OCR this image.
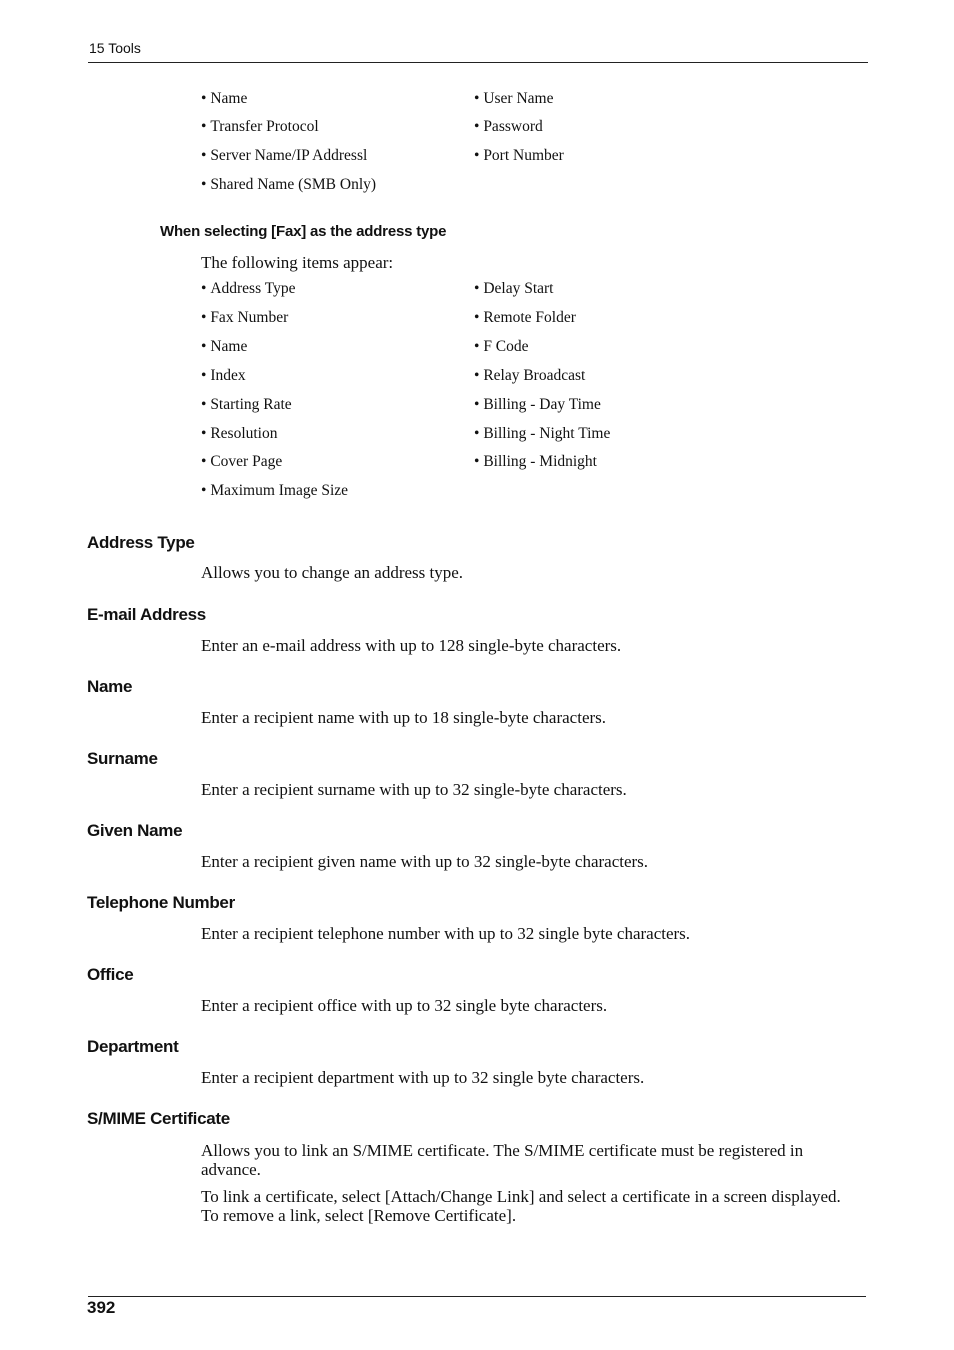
15 Tools
• Name
• Transfer Protocol
• Server Name/IP Addressl
• Shared Name (SMB Only)
• User Name
• Password
• Port Number
When selecting [Fax] as the address type
The following items appear:
• Address Type
• Fax Number
• Name
• Index
• Starting Rate
• Resolution
• Cover Page
• Maximum Image Size
• Delay Start
• Remote Folder
• F Code
• Relay Broadcast
• Billing - Day Time
• Billing - Night Time
• Billing - Midnight
Address Type
Allows you to change an address type.
E-mail Address
Enter an e-mail address with up to 128 single-byte characters.
Name
Enter a recipient name with up to 18 single-byte characters.
Surname
Enter a recipient surname with up to 32 single-byte characters.
Given Name
Enter a recipient given name with up to 32 single-byte characters.
Telephone Number
Enter a recipient telephone number with up to 32 single byte characters.
Office
Enter a recipient office with up to 32 single byte characters.
Department
Enter a recipient department with up to 32 single byte characters.
S/MIME Certificate
Allows you to link an S/MIME certificate. The S/MIME certificate must be registered in advance.
To link a certificate, select [Attach/Change Link] and select a certificate in a screen displayed. To remove a link, select [Remove Certificate].
392
